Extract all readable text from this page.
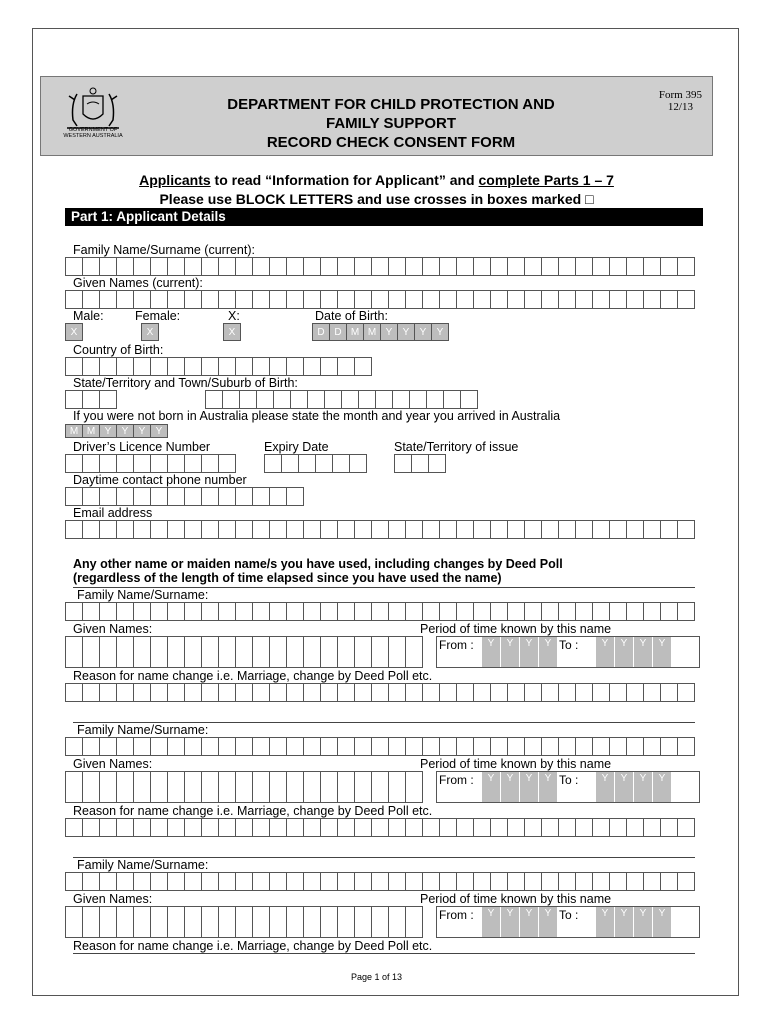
GOVERNMENT OF
WESTERN AUSTRALIA
DEPARTMENT FOR CHILD PROTECTION AND
FAMILY SUPPORT
RECORD CHECK CONSENT FORM
Form 395
12/13
Applicants to read “Information for Applicant” and complete Parts 1 – 7
Please use BLOCK LETTERS and use crosses in boxes marked □
Part 1: Applicant Details
Family Name/Surname (current):
Given Names (current):
Male:	Female:	X:	Date of Birth:
X	X	X	D D M M Y	Y	Y	Y
Country of Birth:
State/Territory and Town/Suburb of Birth:
If you were not born in Australia please state the month and year you arrived in Australia
M M Y	Y	Y	Y
Driver’s Licence Number	Expiry Date	State/Territory of issue
Daytime contact phone number
Email address
Any other name or maiden name/s you have used, including changes by Deed Poll
(regardless of the length of time elapsed since you have used the name)
Family Name/Surname:
Given Names:	Period of time known by this name
From :	Y	Y	Y	Y To :	Y	Y	Y	Y
Reason for name change i.e. Marriage, change by Deed Poll etc.
Family Name/Surname:
Given Names:	Period of time known by this name
From :	Y	Y	Y	Y To :	Y	Y	Y	Y
Reason for name change i.e. Marriage, change by Deed Poll etc.
Family Name/Surname:
Given Names:	Period of time known by this name
From :	Y	Y	Y	Y To :	Y	Y	Y	Y
Reason for name change i.e. Marriage, change by Deed Poll etc.
Page 1 of 13
